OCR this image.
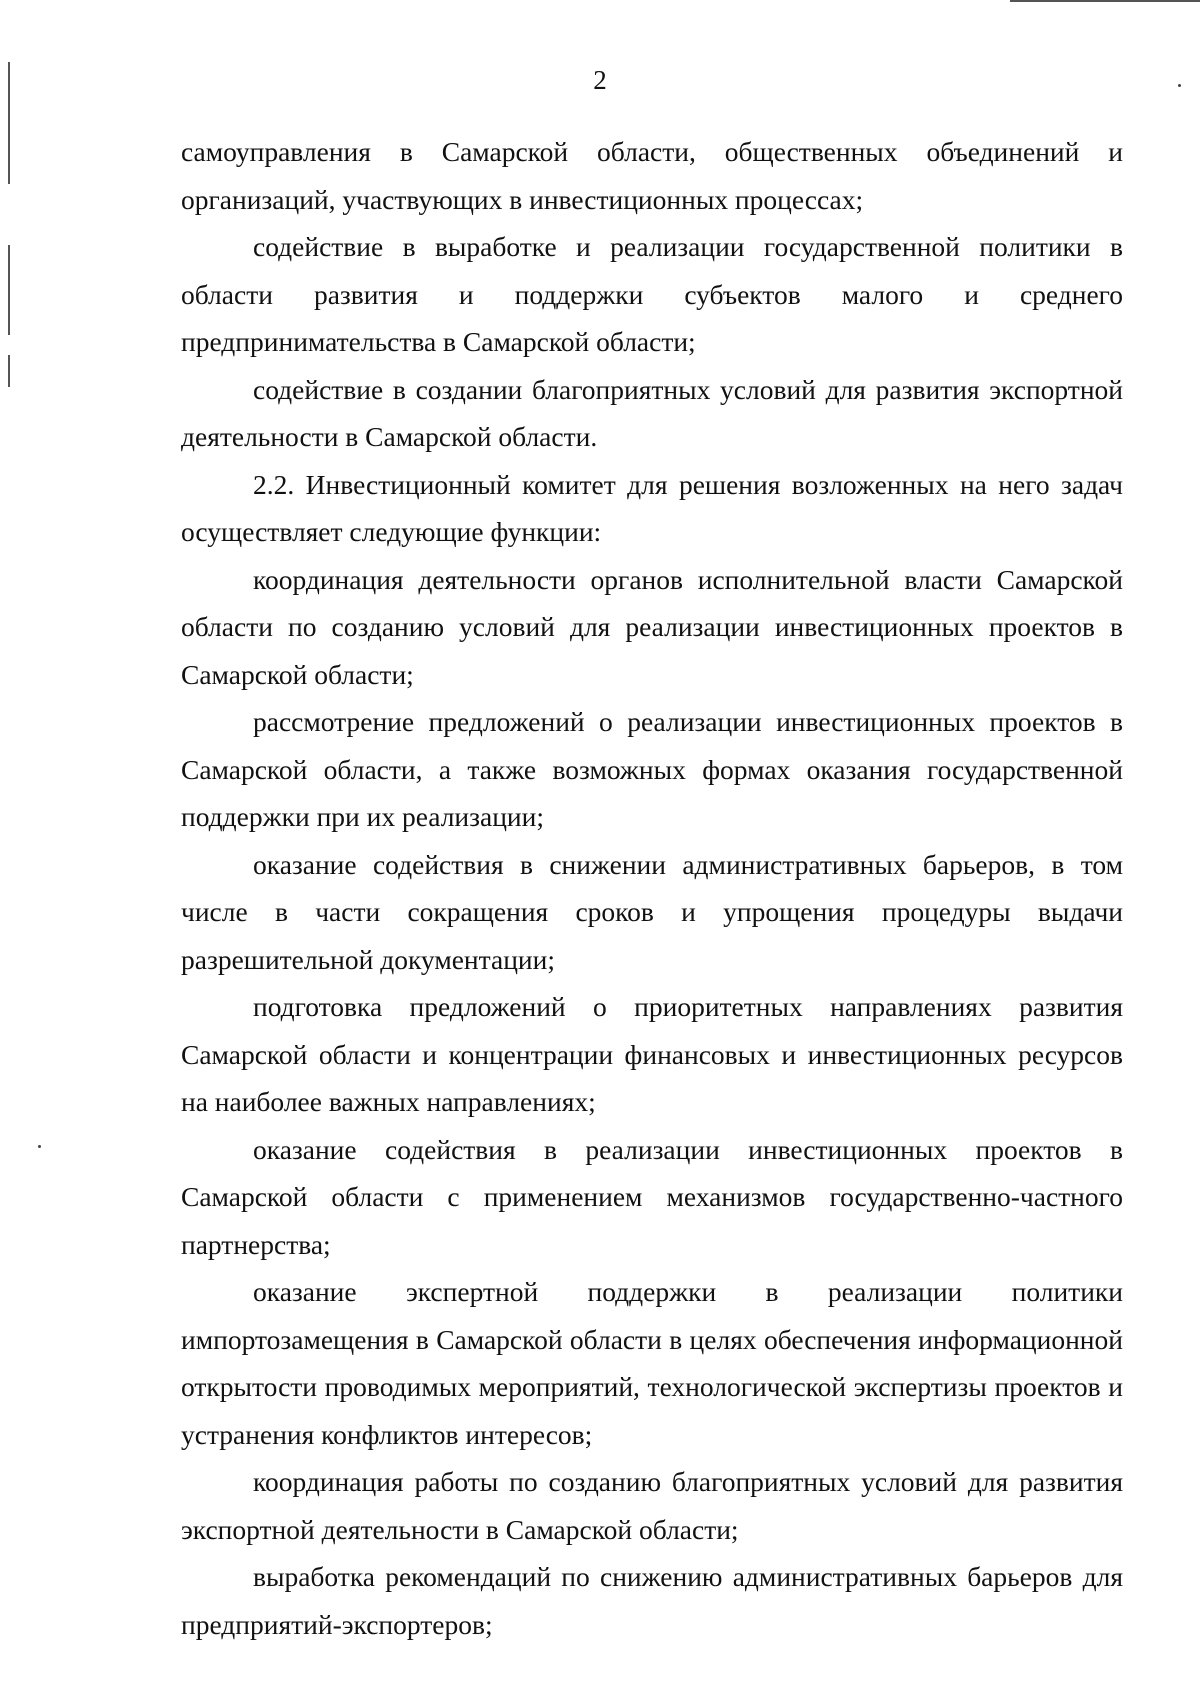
2

самоуправления в Самарской области, общественных объединений и организаций, участвующих в инвестиционных процессах;

содействие в выработке и реализации государственной политики в области развития и поддержки субъектов малого и среднего предпринимательства в Самарской области;

содействие в создании благоприятных условий для развития экспортной деятельности в Самарской области.

2.2. Инвестиционный комитет для решения возложенных на него задач осуществляет следующие функции:

координация деятельности органов исполнительной власти Самарской области по созданию условий для реализации инвестиционных проектов в Самарской области;

рассмотрение предложений о реализации инвестиционных проектов в Самарской области, а также возможных формах оказания государственной поддержки при их реализации;

оказание содействия в снижении административных барьеров, в том числе в части сокращения сроков и упрощения процедуры выдачи разрешительной документации;

подготовка предложений о приоритетных направлениях развития Самарской области и концентрации финансовых и инвестиционных ресурсов на наиболее важных направлениях;

оказание содействия в реализации инвестиционных проектов в Самарской области с применением механизмов государственно-частного партнерства;

оказание экспертной поддержки в реализации политики импортозамещения в Самарской области в целях обеспечения информационной открытости проводимых мероприятий, технологической экспертизы проектов и устранения конфликтов интересов;

координация работы по созданию благоприятных условий для развития экспортной деятельности в Самарской области;

выработка рекомендаций по снижению административных барьеров для предприятий-экспортеров;
